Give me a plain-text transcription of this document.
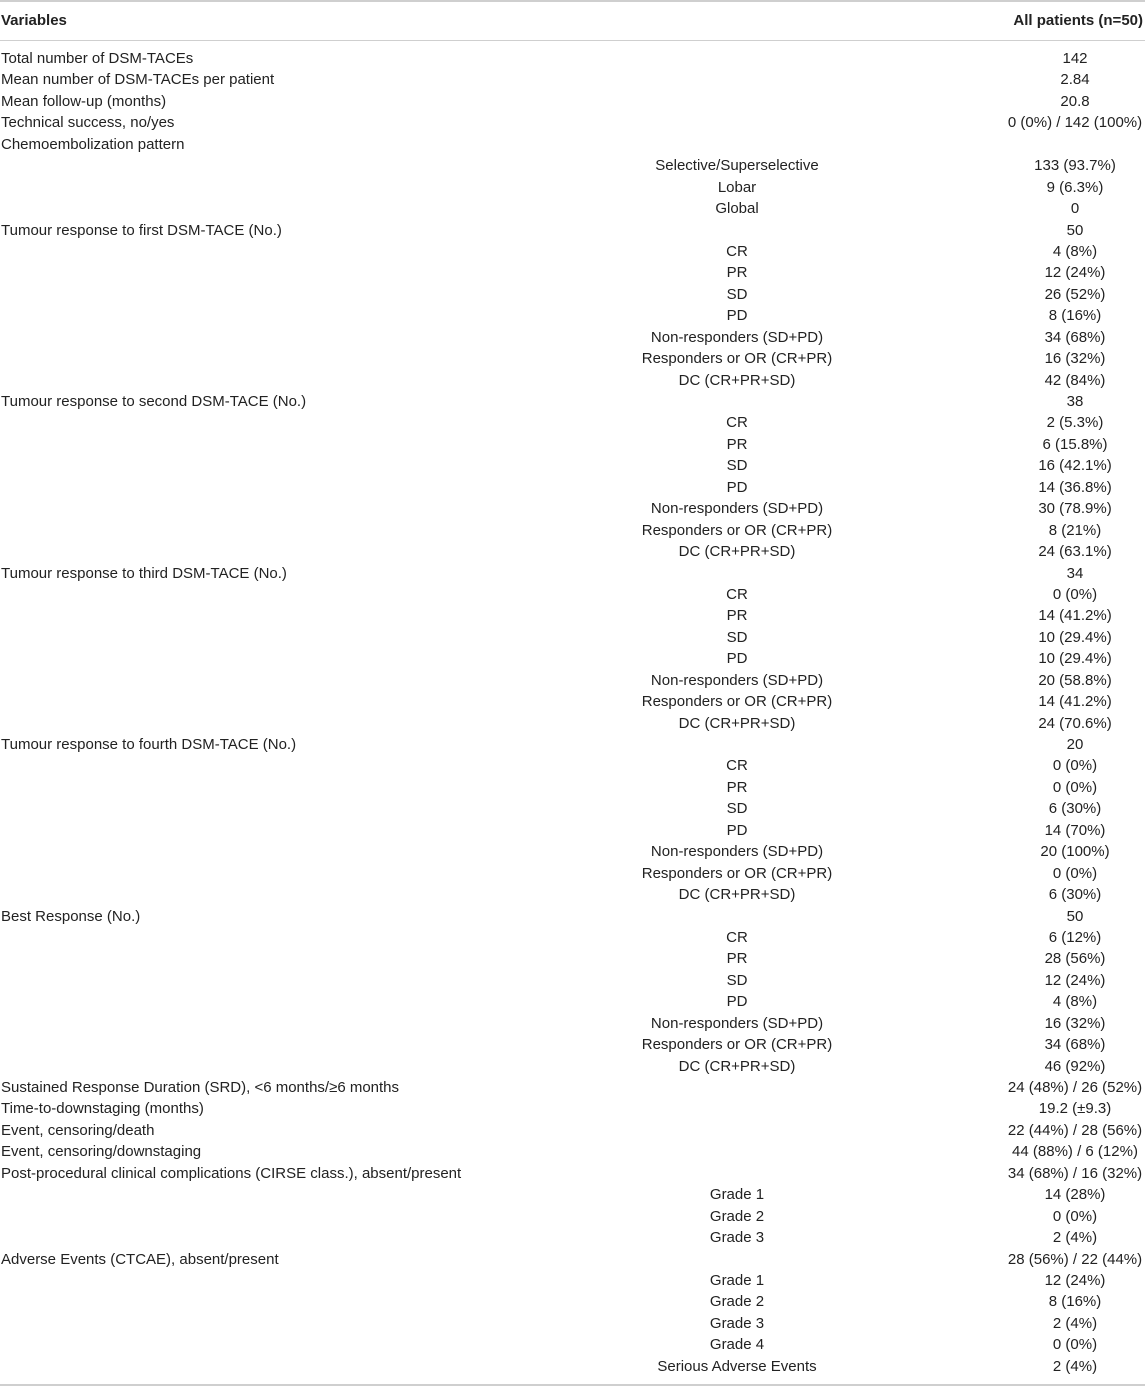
Variables	All patients (n=50)
Total number of DSM-TACEs	142
Mean number of DSM-TACEs per patient	2.84
Mean follow-up (months)	20.8
Technical success, no/yes	0 (0%) / 142 (100%)
Chemoembolization pattern
Selective/Superselective	133 (93.7%)
Lobar	9 (6.3%)
Global	0
Tumour response to first DSM-TACE (No.)	50
CR	4 (8%)
PR	12 (24%)
SD	26 (52%)
PD	8 (16%)
Non-responders (SD+PD)	34 (68%)
Responders or OR (CR+PR)	16 (32%)
DC (CR+PR+SD)	42 (84%)
Tumour response to second DSM-TACE (No.)	38
CR	2 (5.3%)
PR	6 (15.8%)
SD	16 (42.1%)
PD	14 (36.8%)
Non-responders (SD+PD)	30 (78.9%)
Responders or OR (CR+PR)	8 (21%)
DC (CR+PR+SD)	24 (63.1%)
Tumour response to third DSM-TACE (No.)	34
CR	0 (0%)
PR	14 (41.2%)
SD	10 (29.4%)
PD	10 (29.4%)
Non-responders (SD+PD)	20 (58.8%)
Responders or OR (CR+PR)	14 (41.2%)
DC (CR+PR+SD)	24 (70.6%)
Tumour response to fourth DSM-TACE (No.)	20
CR	0 (0%)
PR	0 (0%)
SD	6 (30%)
PD	14 (70%)
Non-responders (SD+PD)	20 (100%)
Responders or OR (CR+PR)	0 (0%)
DC (CR+PR+SD)	6 (30%)
Best Response (No.)	50
CR	6 (12%)
PR	28 (56%)
SD	12 (24%)
PD	4 (8%)
Non-responders (SD+PD)	16 (32%)
Responders or OR (CR+PR)	34 (68%)
DC (CR+PR+SD)	46 (92%)
Sustained Response Duration (SRD), <6 months/≥6 months	24 (48%) / 26 (52%)
Time-to-downstaging (months)	19.2 (±9.3)
Event, censoring/death	22 (44%) / 28 (56%)
Event, censoring/downstaging	44 (88%) / 6 (12%)
Post-procedural clinical complications (CIRSE class.), absent/present	34 (68%) / 16 (32%)
Grade 1	14 (28%)
Grade 2	0 (0%)
Grade 3	2 (4%)
Adverse Events (CTCAE), absent/present	28 (56%) / 22 (44%)
Grade 1	12 (24%)
Grade 2	8 (16%)
Grade 3	2 (4%)
Grade 4	0 (0%)
Serious Adverse Events	2 (4%)
